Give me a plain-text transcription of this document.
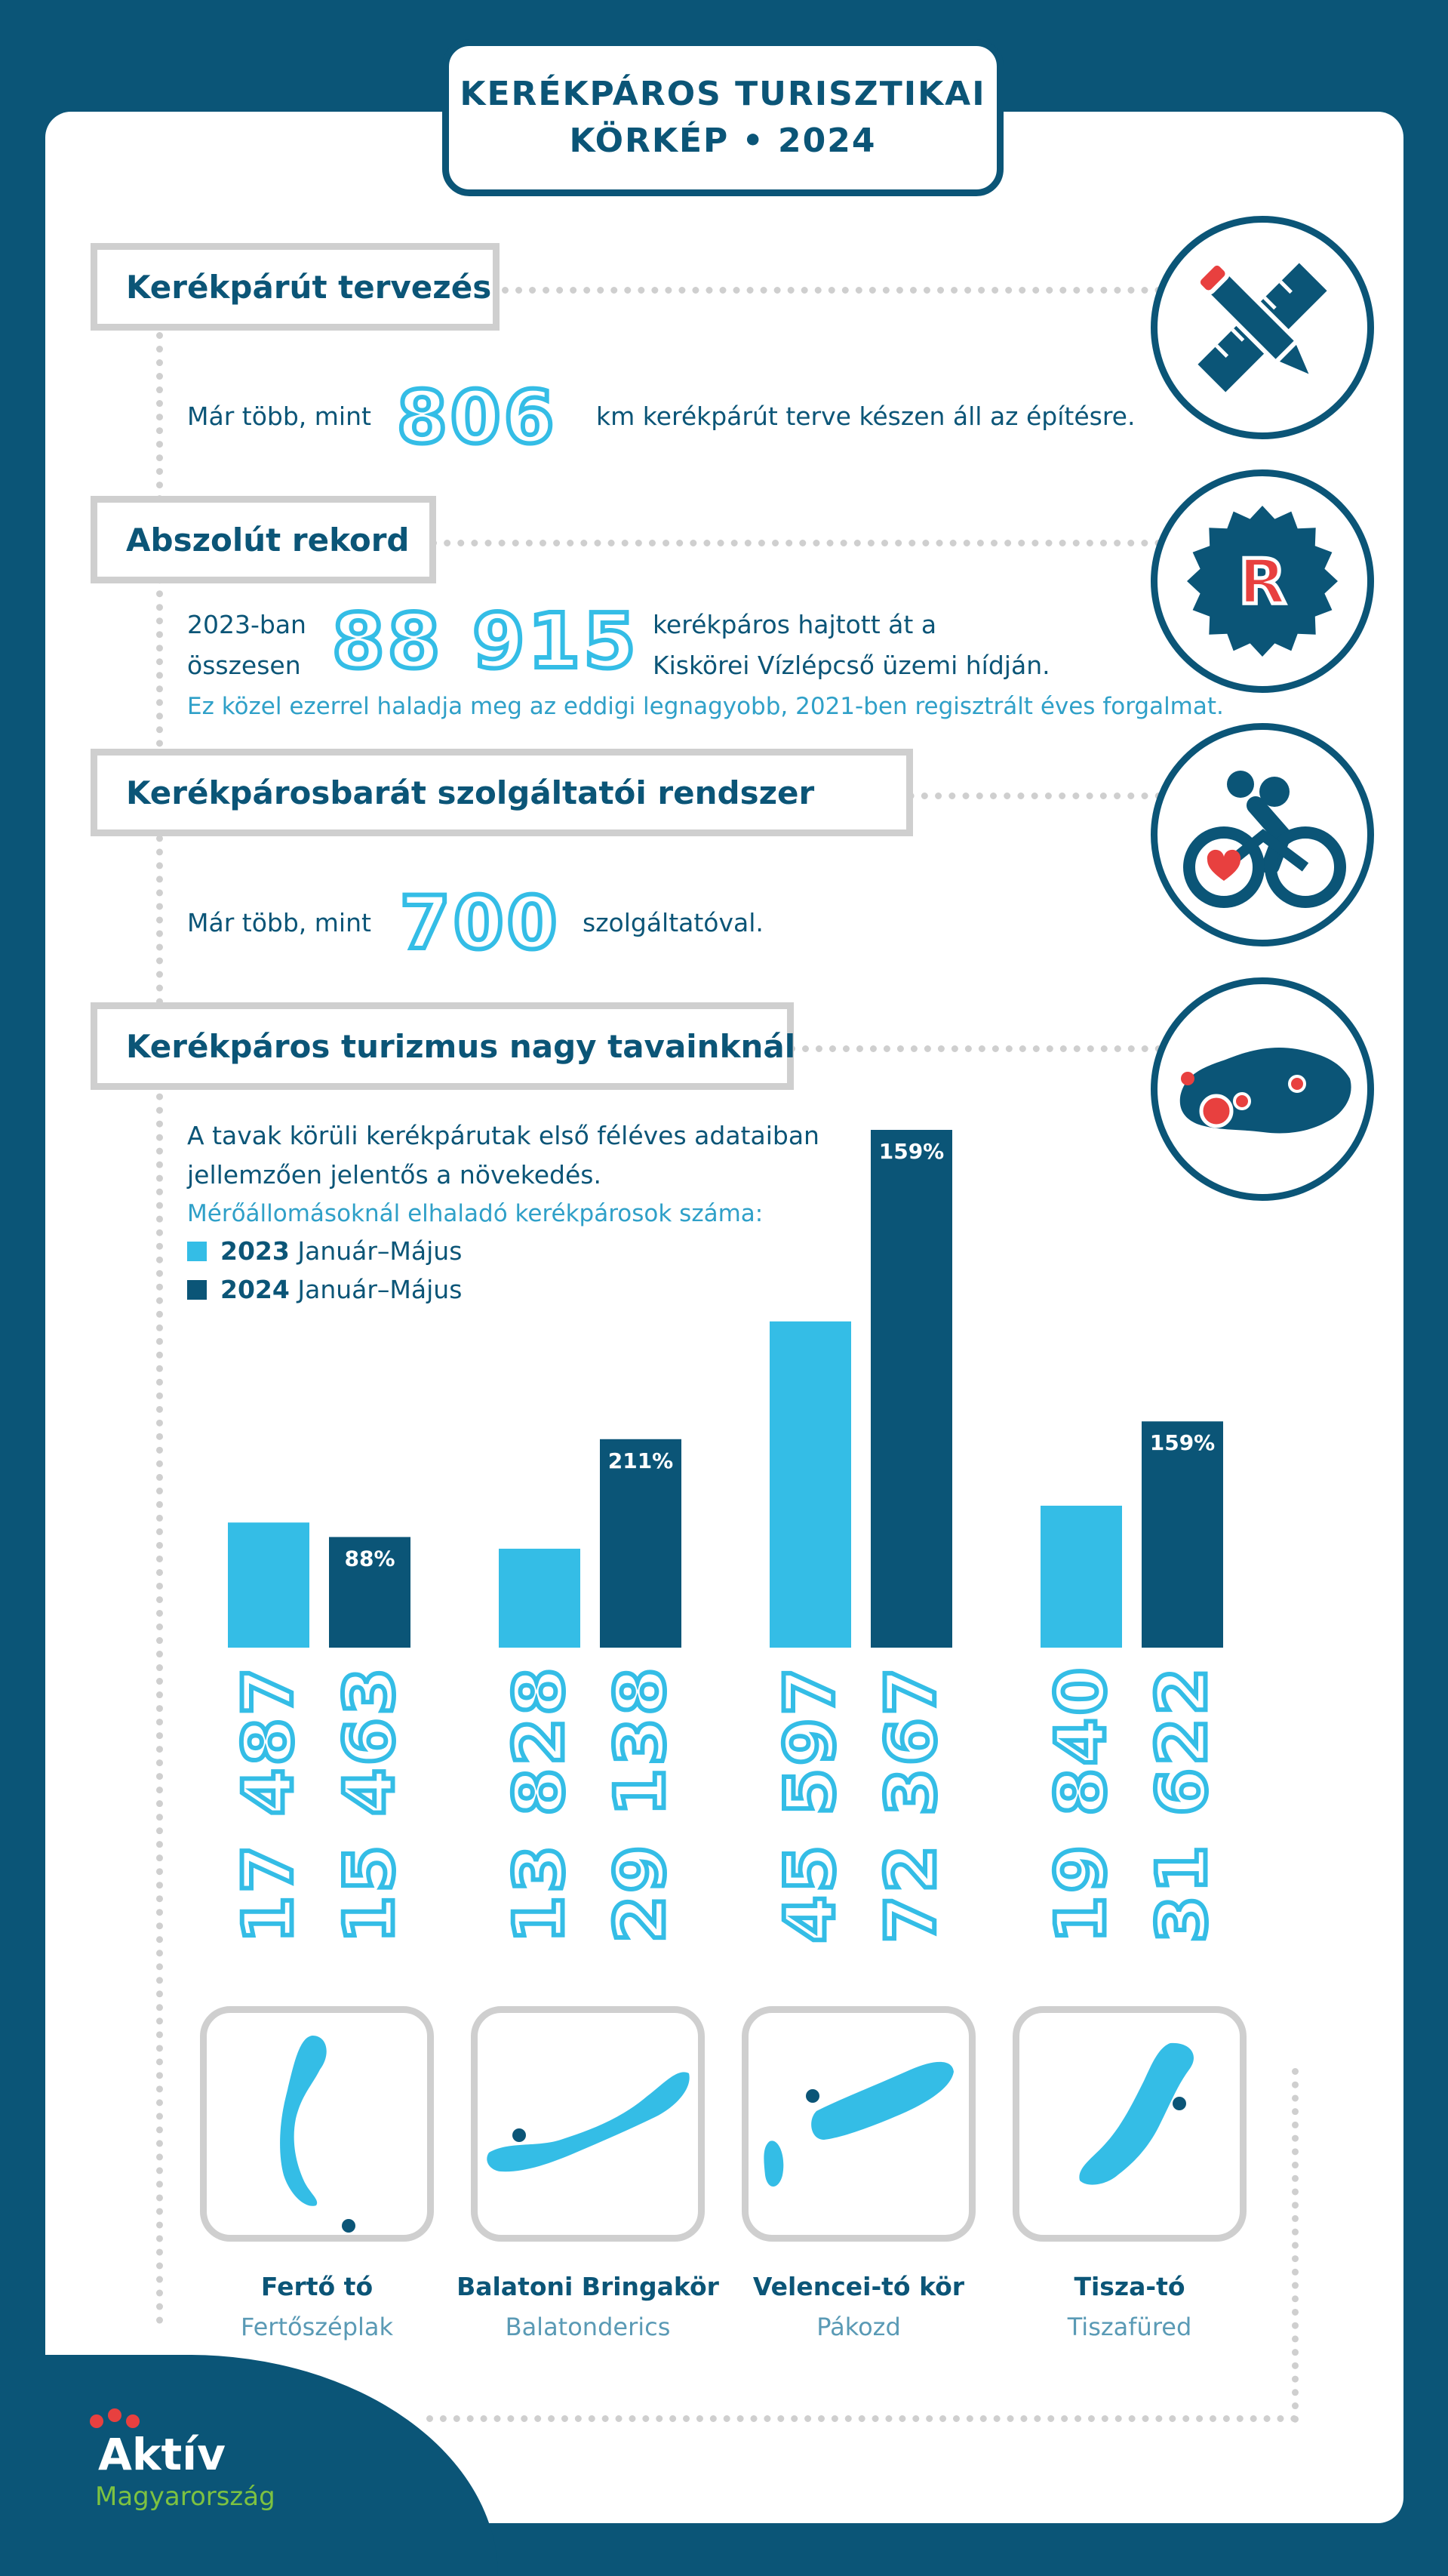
KERÉKPÁROS TURISZTIKAI
KÖRKÉP • 2024
Kerékpárút tervezés
Már több, mint 806 km kerékpárút terve készen áll az építésre.
Abszolút rekord
R
2023-ban
összesen 88 915 kerékpáros hajtott át a
Kiskörei Vízlépcső üzemi hídján.
Ez közel ezerrel haladja meg az eddigi legnagyobb, 2021-ben regisztrált éves forgalmat.
Kerékpárosbarát szolgáltatói rendszer
Már több, mint 700 szolgáltatóval.
Kerékpáros turizmus nagy tavainknál
A tavak körüli kerékpárutak első féléves adataiban
jellemzően jelentős a növekedés.
Mérőállomásoknál elhaladó kerékpárosok száma:
2023 Január–Május
2024 Január–Május
17 487 15 463
88%
13 828 29 138
211%
45 597 72 367
159%
19 840 31 622
159%
Fertő tó
Fertőszéplak
Balatoni Bringakör
Balatonderics
Velencei-tó kör
Pákozd
Tisza-tó
Tiszafüred
Aktív
Magyarország
